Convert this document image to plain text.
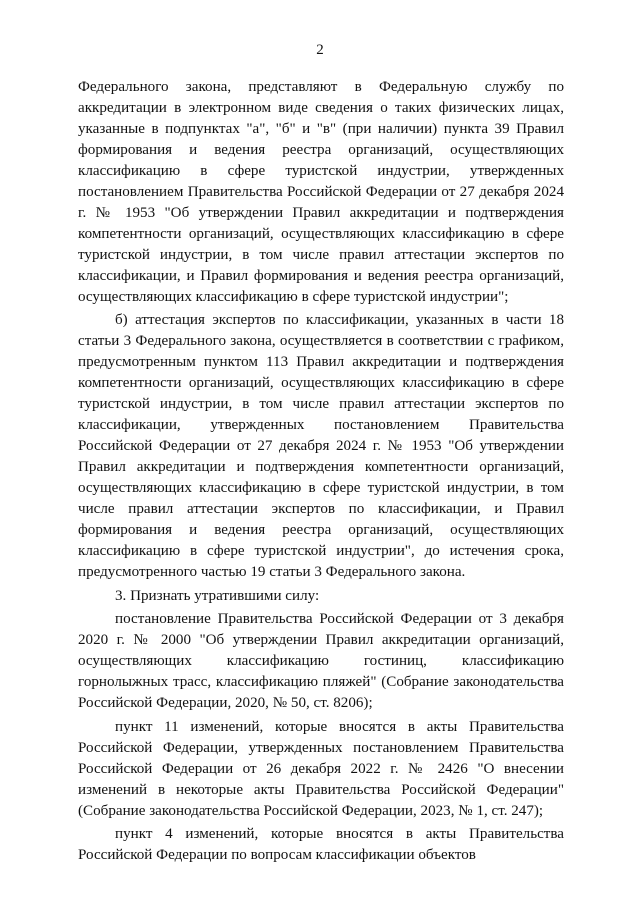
2

Федерального закона, представляют в Федеральную службу по аккредитации в электронном виде сведения о таких физических лицах, указанные в подпунктах "а", "б" и "в" (при наличии) пункта 39 Правил формирования и ведения реестра организаций, осуществляющих классификацию в сфере туристской индустрии, утвержденных постановлением Правительства Российской Федерации от 27 декабря 2024 г. № 1953 "Об утверждении Правил аккредитации и подтверждения компетентности организаций, осуществляющих классификацию в сфере туристской индустрии, в том числе правил аттестации экспертов по классификации, и Правил формирования и ведения реестра организаций, осуществляющих классификацию в сфере туристской индустрии";

б) аттестация экспертов по классификации, указанных в части 18 статьи 3 Федерального закона, осуществляется в соответствии с графиком, предусмотренным пунктом 113 Правил аккредитации и подтверждения компетентности организаций, осуществляющих классификацию в сфере туристской индустрии, в том числе правил аттестации экспертов по классификации, утвержденных постановлением Правительства Российской Федерации от 27 декабря 2024 г. № 1953 "Об утверждении Правил аккредитации и подтверждения компетентности организаций, осуществляющих классификацию в сфере туристской индустрии, в том числе правил аттестации экспертов по классификации, и Правил формирования и ведения реестра организаций, осуществляющих классификацию в сфере туристской индустрии", до истечения срока, предусмотренного частью 19 статьи 3 Федерального закона.

3. Признать утратившими силу:

постановление Правительства Российской Федерации от 3 декабря 2020 г. № 2000 "Об утверждении Правил аккредитации организаций, осуществляющих классификацию гостиниц, классификацию горнолыжных трасс, классификацию пляжей" (Собрание законодательства Российской Федерации, 2020, № 50, ст. 8206);

пункт 11 изменений, которые вносятся в акты Правительства Российской Федерации, утвержденных постановлением Правительства Российской Федерации от 26 декабря 2022 г. № 2426 "О внесении изменений в некоторые акты Правительства Российской Федерации" (Собрание законодательства Российской Федерации, 2023, № 1, ст. 247);

пункт 4 изменений, которые вносятся в акты Правительства Российской Федерации по вопросам классификации объектов
